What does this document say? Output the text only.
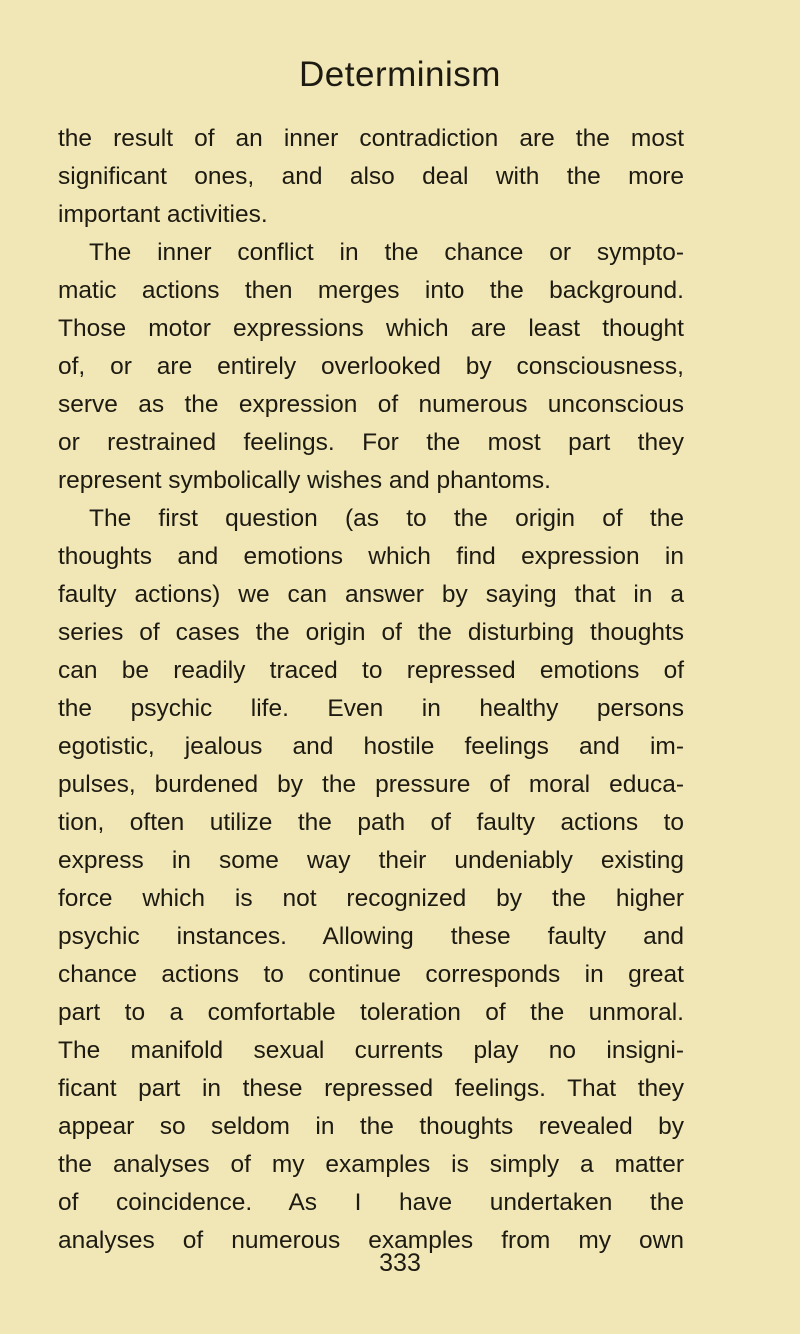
Determinism
the result of an inner contradiction are the most
significant ones, and also deal with the more
important activities.
The inner conflict in the chance or sympto-
matic actions then merges into the background.
Those motor expressions which are least thought
of, or are entirely overlooked by consciousness,
serve as the expression of numerous unconscious
or restrained feelings. For the most part they
represent symbolically wishes and phantoms.
The first question (as to the origin of the
thoughts and emotions which find expression in
faulty actions) we can answer by saying that in a
series of cases the origin of the disturbing thoughts
can be readily traced to repressed emotions of
the psychic life. Even in healthy persons
egotistic, jealous and hostile feelings and im-
pulses, burdened by the pressure of moral educa-
tion, often utilize the path of faulty actions to
express in some way their undeniably existing
force which is not recognized by the higher
psychic instances. Allowing these faulty and
chance actions to continue corresponds in great
part to a comfortable toleration of the unmoral.
The manifold sexual currents play no insigni-
ficant part in these repressed feelings. That they
appear so seldom in the thoughts revealed by
the analyses of my examples is simply a matter
of coincidence. As I have undertaken the
analyses of numerous examples from my own
333
